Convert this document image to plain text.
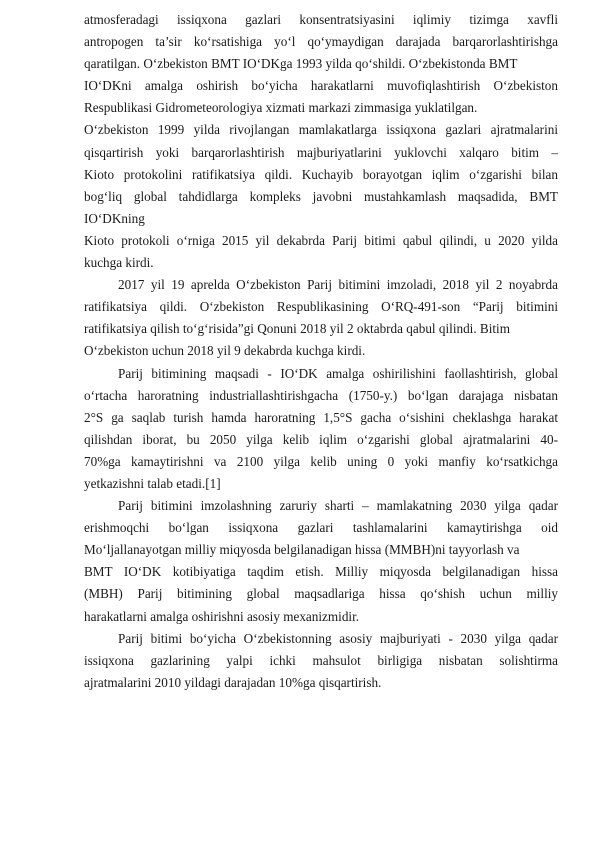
atmosferadagi issiqxona gazlari konsentratsiyasini iqlimiy tizimga xavfli
antropogen ta’sir ko‘rsatishiga yo‘l qo‘ymaydigan darajada barqarorlashtirishga
qaratilgan. O‘zbekiston BMT IO‘DKga 1993 yilda qo‘shildi. O‘zbekistonda BMT
IO‘DKni amalga oshirish bo‘yicha harakatlarni muvofiqlashtirish O‘zbekiston
Respublikasi Gidrometeorologiya xizmati markazi zimmasiga yuklatilgan.
O‘zbekiston 1999 yilda rivojlangan mamlakatlarga issiqxona gazlari ajratmalarini
qisqartirish yoki barqarorlashtirish majburiyatlarini yuklovchi xalqaro bitim –
Kioto protokolini ratifikatsiya qildi. Kuchayib borayotgan iqlim o‘zgarishi bilan
bog‘liq global tahdidlarga kompleks javobni mustahkamlash maqsadida, BMT
IO‘DKning
Kioto protokoli o‘rniga 2015 yil dekabrda Parij bitimi qabul qilindi, u 2020 yilda
kuchga kirdi.
2017 yil 19 aprelda O‘zbekiston Parij bitimini imzoladi, 2018 yil 2 noyabrda
ratifikatsiya qildi. O‘zbekiston Respublikasining O‘RQ-491-son “Parij bitimini
ratifikatsiya qilish to‘g‘risida”gi Qonuni 2018 yil 2 oktabrda qabul qilindi. Bitim
O‘zbekiston uchun 2018 yil 9 dekabrda kuchga kirdi.
Parij bitimining maqsadi - IO‘DK amalga oshirilishini faollashtirish, global
o‘rtacha haroratning industriallashtirishgacha (1750-y.) bo‘lgan darajaga nisbatan
2°S ga saqlab turish hamda haroratning 1,5°S gacha o‘sishini cheklashga harakat
qilishdan iborat, bu 2050 yilga kelib iqlim o‘zgarishi global ajratmalarini 40-
70%ga kamaytirishni va 2100 yilga kelib uning 0 yoki manfiy ko‘rsatkichga
yetkazishni talab etadi.[1]
Parij bitimini imzolashning zaruriy sharti – mamlakatning 2030 yilga qadar
erishmoqchi bo‘lgan issiqxona gazlari tashlamalarini kamaytirishga oid
Mo‘ljallanayotgan milliy miqyosda belgilanadigan hissa (MMBH)ni tayyorlash va
BMT IO‘DK kotibiyatiga taqdim etish. Milliy miqyosda belgilanadigan hissa
(MBH) Parij bitimining global maqsadlariga hissa qo‘shish uchun milliy
harakatlarni amalga oshirishni asosiy mexanizmidir.
Parij bitimi bo‘yicha O‘zbekistonning asosiy majburiyati - 2030 yilga qadar
issiqxona gazlarining yalpi ichki mahsulot birligiga nisbatan solishtirma
ajratmalarini 2010 yildagi darajadan 10%ga qisqartirish.
